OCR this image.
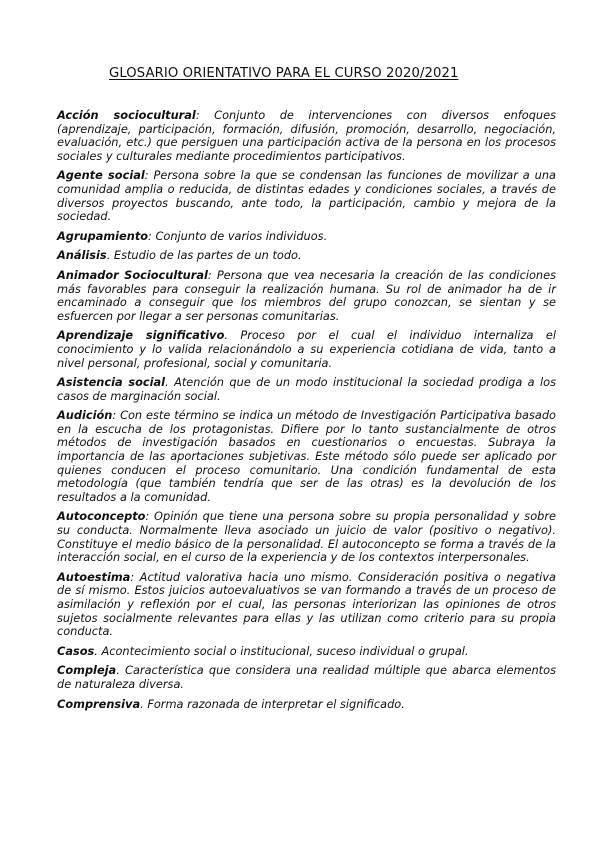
GLOSARIO ORIENTATIVO PARA EL CURSO 2020/2021

Acción sociocultural: Conjunto de intervenciones con diversos enfoques (aprendizaje, participación, formación, difusión, promoción, desarrollo, negociación, evaluación, etc.) que persiguen una participación activa de la persona en los procesos sociales y culturales mediante procedimientos participativos.

Agente social: Persona sobre la que se condensan las funciones de movilizar a una comunidad amplia o reducida, de distintas edades y condiciones sociales, a través de diversos proyectos buscando, ante todo, la participación, cambio y mejora de la sociedad.

Agrupamiento: Conjunto de varios individuos.

Análisis. Estudio de las partes de un todo.

Animador Sociocultural: Persona que vea necesaria la creación de las condiciones más favorables para conseguir la realización humana. Su rol de animador ha de ir encaminado a conseguir que los miembros del grupo conozcan, se sientan y se esfuercen por llegar a ser personas comunitarias.

Aprendizaje significativo. Proceso por el cual el individuo internaliza el conocimiento y lo valida relacionándolo a su experiencia cotidiana de vida, tanto a nivel personal, profesional, social y comunitaria.

Asistencia social. Atención que de un modo institucional la sociedad prodiga a los casos de marginación social.

Audición: Con este término se indica un método de Investigación Participativa basado en la escucha de los protagonistas. Difiere por lo tanto sustancialmente de otros métodos de investigación basados en cuestionarios o encuestas. Subraya la importancia de las aportaciones subjetivas. Este método sólo puede ser aplicado por quienes conducen el proceso comunitario. Una condición fundamental de esta metodología (que también tendría que ser de las otras) es la devolución de los resultados a la comunidad.

Autoconcepto: Opinión que tiene una persona sobre su propia personalidad y sobre su conducta. Normalmente lleva asociado un juicio de valor (positivo o negativo). Constituye el medio básico de la personalidad. El autoconcepto se forma a través de la interacción social, en el curso de la experiencia y de los contextos interpersonales.

Autoestima: Actitud valorativa hacia uno mismo. Consideración positiva o negativa de sí mismo. Estos juicios autoevaluativos se van formando a través de un proceso de asimilación y reflexión por el cual, las personas interiorizan las opiniones de otros sujetos socialmente relevantes para ellas y las utilizan como criterio para su propia conducta.

Casos. Acontecimiento social o institucional, suceso individual o grupal.

Compleja. Característica que considera una realidad múltiple que abarca elementos de naturaleza diversa.

Comprensiva. Forma razonada de interpretar el significado.
